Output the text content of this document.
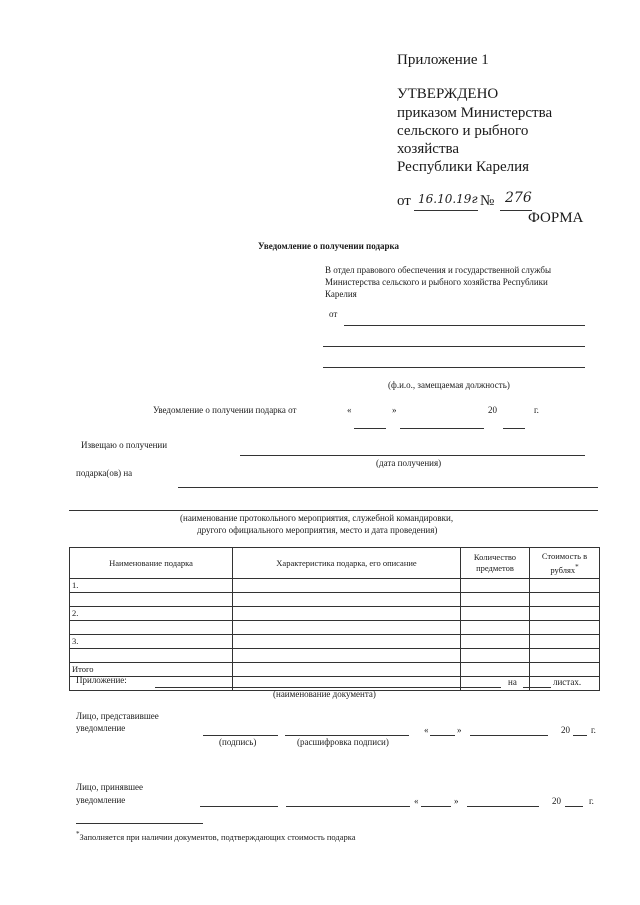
Приложение 1
УТВЕРЖДЕНО
приказом Министерства
сельского и рыбного
хозяйства
Республики Карелия
от 16.10.19г № 276
ФОРМА
Уведомление о получении подарка
В отдел правового обеспечения и государственной службы
Министерства сельского и рыбного хозяйства Республики
Карелия
от
(ф.и.о., замещаемая должность)
Уведомление о получении подарка от	«	»	20	г.
Извещаю о получении
(дата получения)
подарка(ов) на
(наименование протокольного мероприятия, служебной командировки,
другого официального мероприятия, место и дата проведения)
Наименование подарка	Характеристика подарка, его описание	Количество предметов	Стоимость в рублях*
1.			

2.			

3.			

Итого			

Приложение:	на	листах.
(наименование документа)
Лицо, представившее
уведомление	«	»	20 г.
(подпись)	(расшифровка подписи)
Лицо, принявшее
уведомление	«	»	20	г.
*Заполняется при наличии документов, подтверждающих стоимость подарка
